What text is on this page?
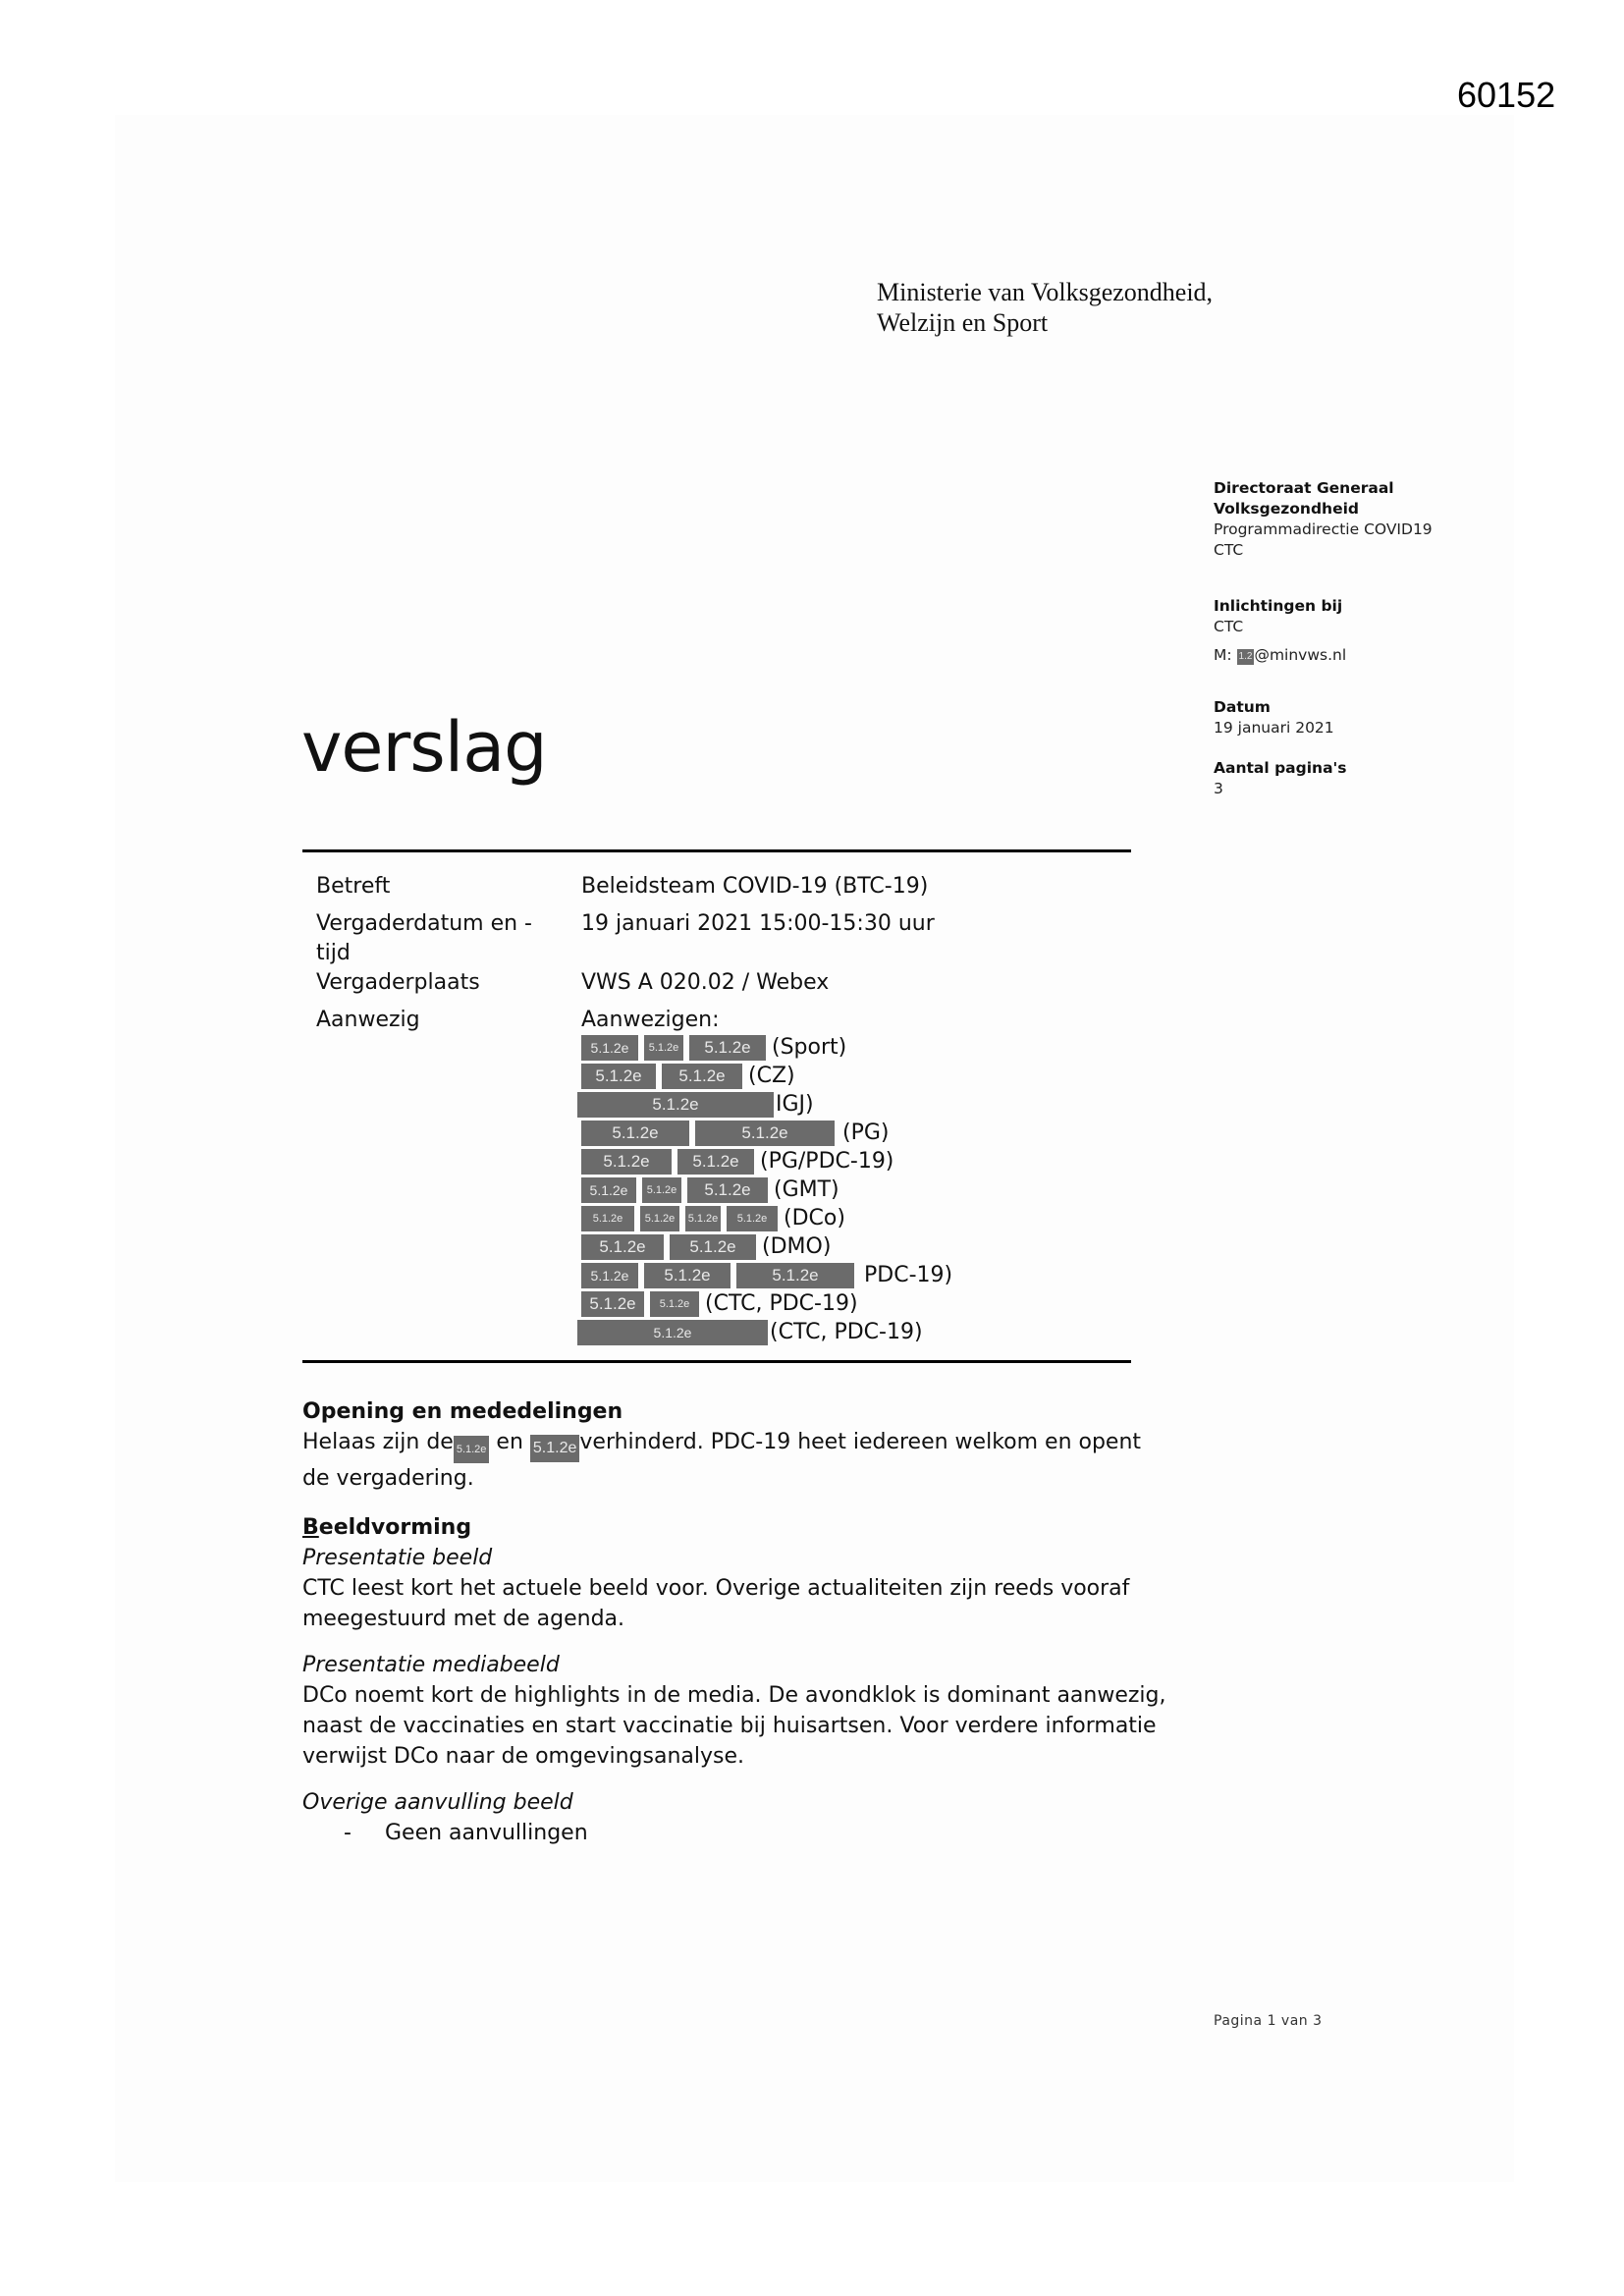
60152
Ministerie van Volksgezondheid,
Welzijn en Sport
Directoraat Generaal
Volksgezondheid
Programmadirectie COVID19
CTC
Inlichtingen bij
CTC
M: 1.2 @minvws.nl
Datum
19 januari 2021
Aantal pagina's
3
verslag
Betreft	Beleidsteam COVID-19 (BTC-19)
Vergaderdatum en -
tijd
19 januari 2021 15:00-15:30 uur
Vergaderplaats	VWS A 020.02 / Webex
Aanwezig	Aanwezigen:
5.1.2e	5.1.2e	5.1.2e (Sport)
5.1.2e	5.1.2e	(CZ)
5.1.2e	IGJ)
5.1.2e	5.1.2e	(PG)
5.1.2e	5.1.2e (PG/PDC-19)
5.1.2e	5.1.2e	5.1.2e	(GMT)
5.1.2e	5.1.2e	5.1.2e	5.1.2e (DCo)
5.1.2e	5.1.2e	(DMO)
5.1.2e	5.1.2e	5.1.2e	PDC-19)
5.1.2e	5.1.2e (CTC, PDC-19)
5.1.2e	(CTC, PDC-19)
Opening en mededelingen
Helaas zijn de 5.1.2e en 5.1.2e verhinderd. PDC-19 heet iedereen welkom en opent
de vergadering.
Beeldvorming
Presentatie beeld
CTC leest kort het actuele beeld voor. Overige actualiteiten zijn reeds vooraf
meegestuurd met de agenda.
Presentatie mediabeeld
DCo noemt kort de highlights in de media. De avondklok is dominant aanwezig,
naast de vaccinaties en start vaccinatie bij huisartsen. Voor verdere informatie
verwijst DCo naar de omgevingsanalyse.
Overige aanvulling beeld
-	Geen aanvullingen
Pagina 1 van 3
